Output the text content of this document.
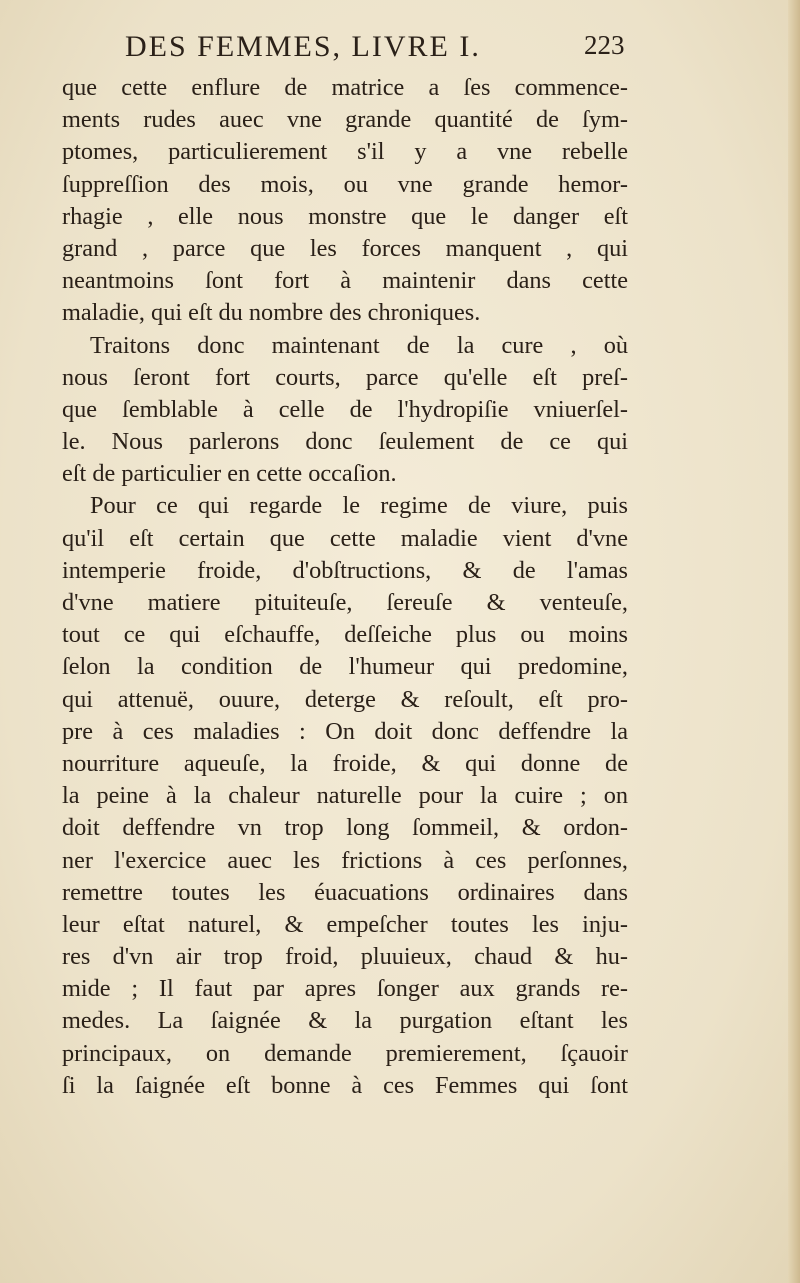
DES FEMMES, LIVRE I.	223
que cette enflure de matrice a ſes commence-
ments rudes auec vne grande quantité de ſym-
ptomes, particulierement s'il y a vne rebelle
ſuppreſſion des mois, ou vne grande hemor-
rhagie , elle nous monstre que le danger eſt
grand , parce que les forces manquent , qui
neantmoins ſont fort à maintenir dans cette
maladie, qui eſt du nombre des chroniques.
Traitons donc maintenant de la cure , où
nous ſeront fort courts, parce qu'elle eſt preſ-
que ſemblable à celle de l'hydropiſie vniuerſel-
le. Nous parlerons donc ſeulement de ce qui
eſt de particulier en cette occaſion.
Pour ce qui regarde le regime de viure, puis
qu'il eſt certain que cette maladie vient d'vne
intemperie froide, d'obſtructions, & de l'amas
d'vne matiere pituiteuſe, ſereuſe & venteuſe,
tout ce qui eſchauffe, deſſeiche plus ou moins
ſelon la condition de l'humeur qui predomine,
qui attenuë, ouure, deterge & reſoult, eſt pro-
pre à ces maladies : On doit donc deffendre la
nourriture aqueuſe, la froide, & qui donne de
la peine à la chaleur naturelle pour la cuire ; on
doit deffendre vn trop long ſommeil, & ordon-
ner l'exercice auec les frictions à ces perſonnes,
remettre toutes les éuacuations ordinaires dans
leur eſtat naturel, & empeſcher toutes les inju-
res d'vn air trop froid, pluuieux, chaud & hu-
mide ; Il faut par apres ſonger aux grands re-
medes. La ſaignée & la purgation eſtant les
principaux, on demande premierement, ſçauoir
ſi la ſaignée eſt bonne à ces Femmes qui ſont
